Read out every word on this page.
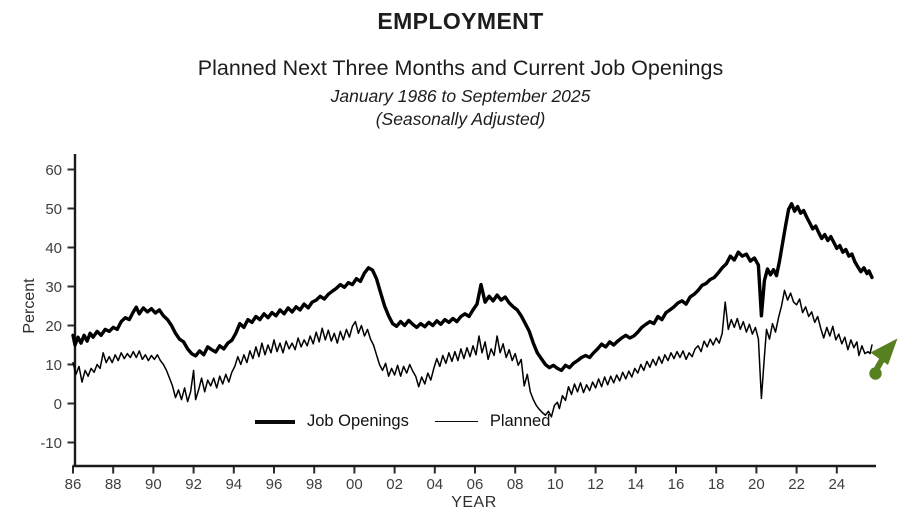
EMPLOYMENT
Planned Next Three Months and Current Job Openings
January 1986 to September 2025
(Seasonally Adjusted)
60
50
40
30
20
10
0
-10
86 88 90 92 94 96 98 00 02 04 06 08 10 12 14 16 18 20 22 24
Percent
YEAR
Job Openings	Planned
